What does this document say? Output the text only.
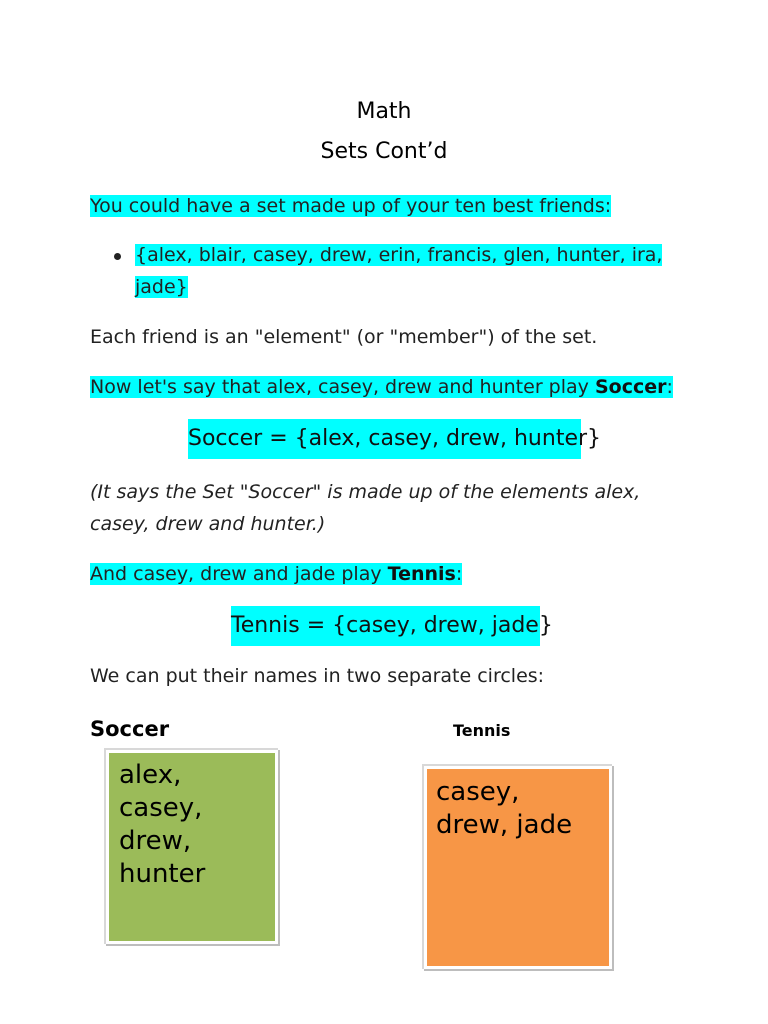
Math
Sets Cont’d
You could have a set made up of your ten best friends:
{alex, blair, casey, drew, erin, francis, glen, hunter, ira, jade}
Each friend is an "element" (or "member") of the set.
Now let's say that alex, casey, drew and hunter play Soccer:
Soccer = {alex, casey, drew, hunter}
(It says the Set "Soccer" is made up of the elements alex, casey, drew and hunter.)
And casey, drew and jade play Tennis:
Tennis = {casey, drew, jade}
We can put their names in two separate circles:
Soccer	Tennis
alex,
casey,
drew,
hunter
casey,
drew, jade
